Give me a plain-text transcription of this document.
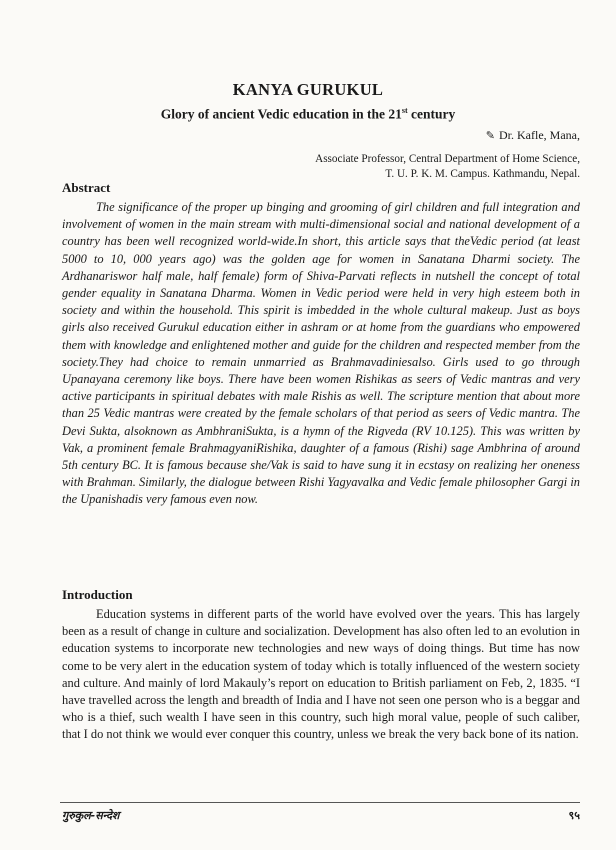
KANYA GURUKUL
Glory of ancient Vedic education in the 21st century
✎ Dr. Kafle, Mana,
Associate Professor, Central Department of Home Science,
T. U. P. K. M. Campus. Kathmandu, Nepal.
Abstract

The significance of the proper up binging and grooming of girl children and full integration and involvement of women in the main stream with multi-dimensional social and national development of a country has been well recognized world-wide.In short, this article says that theVedic period (at least 5000 to 10, 000 years ago) was the golden age for women in Sanatana Dharmi society. The Ardhanariswor half male, half female) form of Shiva-Parvati reflects in nutshell the concept of total gender equality in Sanatana Dharma. Women in Vedic period were held in very high esteem both in society and within the household. This spirit is imbedded in the whole cultural makeup. Just as boys girls also received Gurukul education either in ashram or at home from the guardians who empowered them with knowledge and enlightened mother and guide for the children and respected member from the society.They had choice to remain unmarried as Brahmavadiniesalso. Girls used to go through Upanayana ceremony like boys. There have been women Rishikas as seers of Vedic mantras and very active participants in spiritual debates with male Rishis as well. The scripture mention that about more than 25 Vedic mantras were created by the female scholars of that period as seers of Vedic mantra. The Devi Sukta, alsoknown as AmbhraniSukta, is a hymn of the Rigveda (RV 10.125). This was written by Vak, a prominent female BrahmagyaniRishika, daughter of a famous (Rishi) sage Ambhrina of around 5th century BC. It is famous because she/Vak is said to have sung it in ecstasy on realizing her oneness with Brahman. Similarly, the dialogue between Rishi Yagyavalka and Vedic female philosopher Gargi in the Upanishadis very famous even now.

Introduction

Education systems in different parts of the world have evolved over the years. This has largely been as a result of change in culture and socialization. Development has also often led to an evolution in education systems to incorporate new technologies and new ways of doing things. But time has now come to be very alert in the education system of today which is totally influenced of the western society and culture. And mainly of lord Makauly’s report on education to British parliament on Feb, 2, 1835. “I have travelled across the length and breadth of India and I have not seen one person who is a beggar and who is a thief, such wealth I have seen in this country, such high moral value, people of such caliber, that I do not think we would ever conquer this country, unless we break the very back bone of its nation.

गुरुकुल-सन्देश	९५
